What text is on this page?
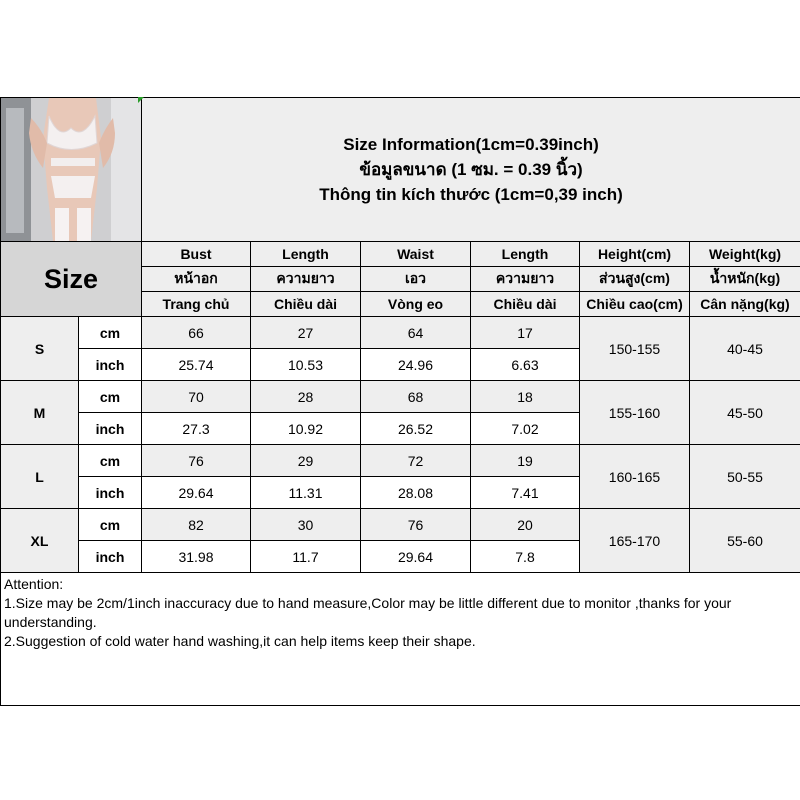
Size Information(1cm=0.39inch)
ข้อมูลขนาด (1 ซม. = 0.39 นิ้ว)
Thông tin kích thước (1cm=0,39 inch)					

Size		Bust	Length	Waist	Length	Height(cm)	Weight(kg)
		หน้าอก	ความยาว	เอว	ความยาว	ส่วนสูง(cm)	น้ำหนัก(kg)
		Trang chủ	Chiều dài	Vòng eo	Chiều dài	Chiều cao(cm)	Cân nặng(kg)
S	cm	66	27	64	17	150-155	40-45
	inch	25.74	10.53	24.96	6.63		
M	cm	70	28	68	18	155-160	45-50
	inch	27.3	10.92	26.52	7.02		
L	cm	76	29	72	19	160-165	50-55
	inch	29.64	11.31	28.08	7.41		
XL	cm	82	30	76	20	165-170	55-60
	inch	31.98	11.7	29.64	7.8		

Attention:
1.Size may be 2cm/1inch inaccuracy due to hand measure,Color may be little different due to monitor ,thanks for your understanding.
2.Suggestion of cold water hand washing,it can help items keep their shape.							
